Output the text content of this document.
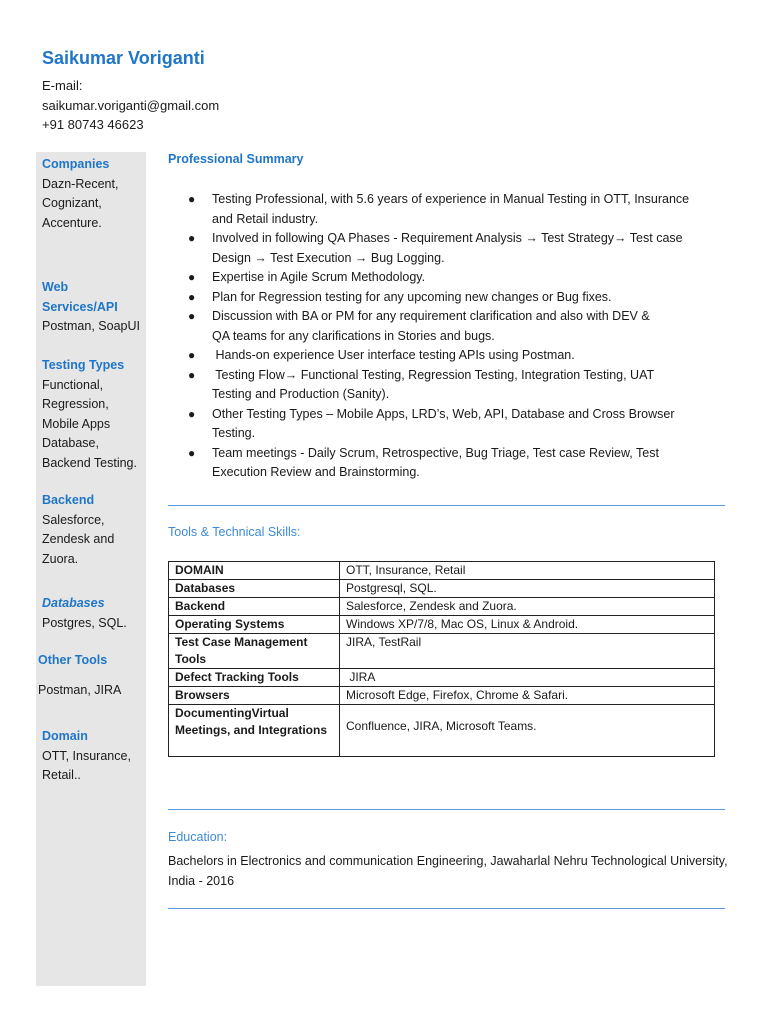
Saikumar Voriganti
E-mail:
saikumar.voriganti@gmail.com
+91 80743 46623
Companies
Dazn-Recent,
Cognizant,
Accenture.
Web
Services/API
Postman, SoapUI
Testing Types
Functional,
Regression,
Mobile Apps
Database,
Backend Testing.
Backend
Salesforce,
Zendesk and
Zuora.
Databases
Postgres, SQL.
Other Tools
Postman, JIRA
Domain
OTT, Insurance,
Retail..
Professional Summary
● Testing Professional, with 5.6 years of experience in Manual Testing in OTT, Insurance
and Retail industry.
● Involved in following QA Phases - Requirement Analysis → Test Strategy→ Test case
Design → Test Execution → Bug Logging.
● Expertise in Agile Scrum Methodology.
● Plan for Regression testing for any upcoming new changes or Bug fixes.
● Discussion with BA or PM for any requirement clarification and also with DEV &
QA teams for any clarifications in Stories and bugs.
● Hands-on experience User interface testing APIs using Postman.
● Testing Flow→ Functional Testing, Regression Testing, Integration Testing, UAT
Testing and Production (Sanity).
● Other Testing Types – Mobile Apps, LRD’s, Web, API, Database and Cross Browser
Testing.
● Team meetings - Daily Scrum, Retrospective, Bug Triage, Test case Review, Test
Execution Review and Brainstorming.
Tools & Technical Skills:
DOMAIN	OTT, Insurance, Retail
Databases	Postgresql, SQL.
Backend	Salesforce, Zendesk and Zuora.
Operating Systems	Windows XP/7/8, Mac OS, Linux & Android.

Test Case Management
Tools	JIRA, TestRail
Defect Tracking Tools	JIRA
Browsers	Microsoft Edge, Firefox, Chrome & Safari.

DocumentingVirtual
Meetings, and Integrations	Confluence, JIRA, Microsoft Teams.
Education:
Bachelors in Electronics and communication Engineering, Jawaharlal Nehru Technological University,
India - 2016
